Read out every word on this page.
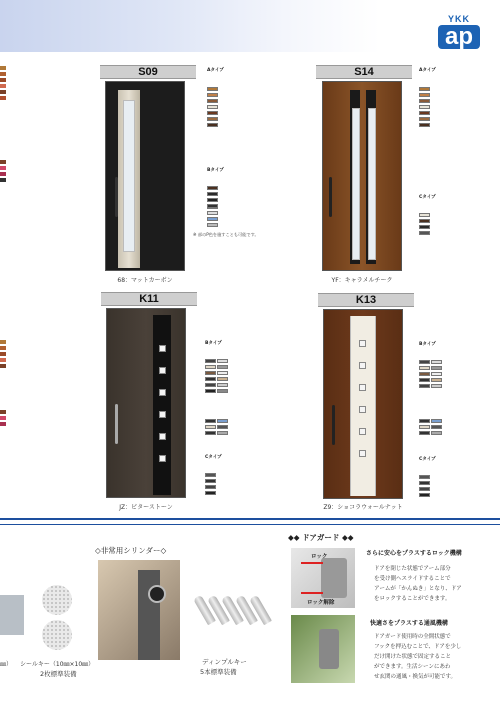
YKK
ap
S09
68：マットカーボン
Aタイプ
Bタイプ
※ 部のP色を施すことも可能です。
S14
YF：キャラメルチーク
Aタイプ
Cタイプ
K11
JZ：ビターストーン
Bタイプ
Cタイプ
K13
Z9：ショコラウォールナット
Bタイプ
Cタイプ
◇非常用シリンダー◇
㎜） シールキー（10㎜×10㎜）
2枚標準装備
ディンプルキー
5本標準装備
◆◆ ドアガード ◆◆
ロック
ロック解除
さらに安心をプラスするロック機構
ドアを閉じた状態でアーム部分
を受け側へスライドすることで
アームが「かんぬき」となり、ドア
をロックすることができます。
快適さをプラスする通風機構
ドアガード使用時の全開状態で
フックを押込むことで、ドアを少し
だけ開けた状態で固定すること
ができます。生活シーンにあわ
せ玄関の通風・換気が可能です。
